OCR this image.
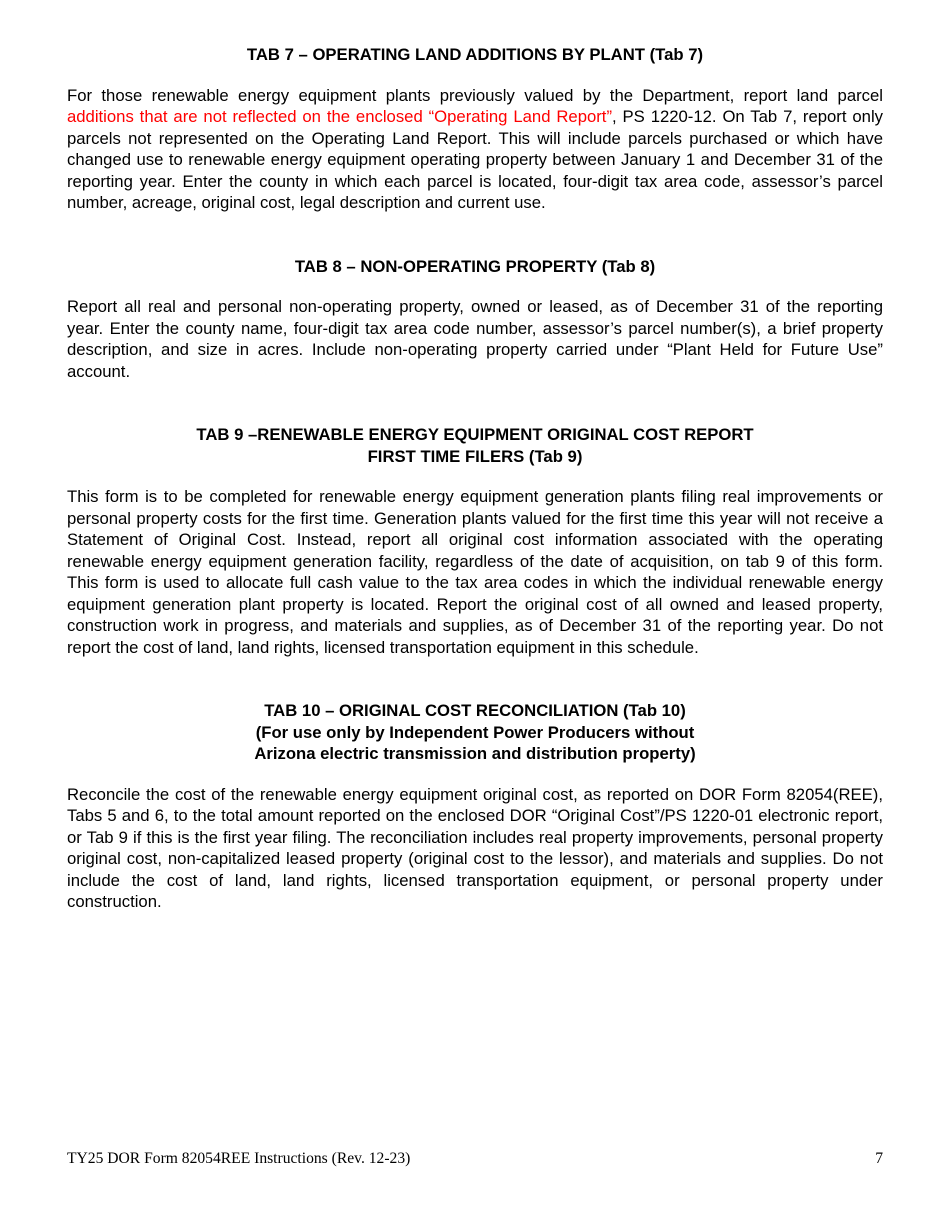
TAB 7 – OPERATING LAND ADDITIONS BY PLANT (Tab 7)

For those renewable energy equipment plants previously valued by the Department, report land parcel additions that are not reflected on the enclosed “Operating Land Report”, PS 1220-12. On Tab 7, report only parcels not represented on the Operating Land Report. This will include parcels purchased or which have changed use to renewable energy equipment operating property between January 1 and December 31 of the reporting year. Enter the county in which each parcel is located, four-digit tax area code, assessor’s parcel number, acreage, original cost, legal description and current use.

TAB 8 – NON-OPERATING PROPERTY (Tab 8)

Report all real and personal non-operating property, owned or leased, as of December 31 of the reporting year. Enter the county name, four-digit tax area code number, assessor’s parcel number(s), a brief property description, and size in acres. Include non-operating property carried under “Plant Held for Future Use” account.

TAB 9 –RENEWABLE ENERGY EQUIPMENT ORIGINAL COST REPORT
FIRST TIME FILERS (Tab 9)

This form is to be completed for renewable energy equipment generation plants filing real improvements or personal property costs for the first time. Generation plants valued for the first time this year will not receive a Statement of Original Cost. Instead, report all original cost information associated with the operating renewable energy equipment generation facility, regardless of the date of acquisition, on tab 9 of this form. This form is used to allocate full cash value to the tax area codes in which the individual renewable energy equipment generation plant property is located. Report the original cost of all owned and leased property, construction work in progress, and materials and supplies, as of December 31 of the reporting year. Do not report the cost of land, land rights, licensed transportation equipment in this schedule.

TAB 10 – ORIGINAL COST RECONCILIATION (Tab 10)
(For use only by Independent Power Producers without
Arizona electric transmission and distribution property)

Reconcile the cost of the renewable energy equipment original cost, as reported on DOR Form 82054(REE), Tabs 5 and 6, to the total amount reported on the enclosed DOR “Original Cost”/PS 1220-01 electronic report, or Tab 9 if this is the first year filing. The reconciliation includes real property improvements, personal property original cost, non-capitalized leased property (original cost to the lessor), and materials and supplies. Do not include the cost of land, land rights, licensed transportation equipment, or personal property under construction.

TY25 DOR Form 82054REE Instructions (Rev. 12-23)	7
